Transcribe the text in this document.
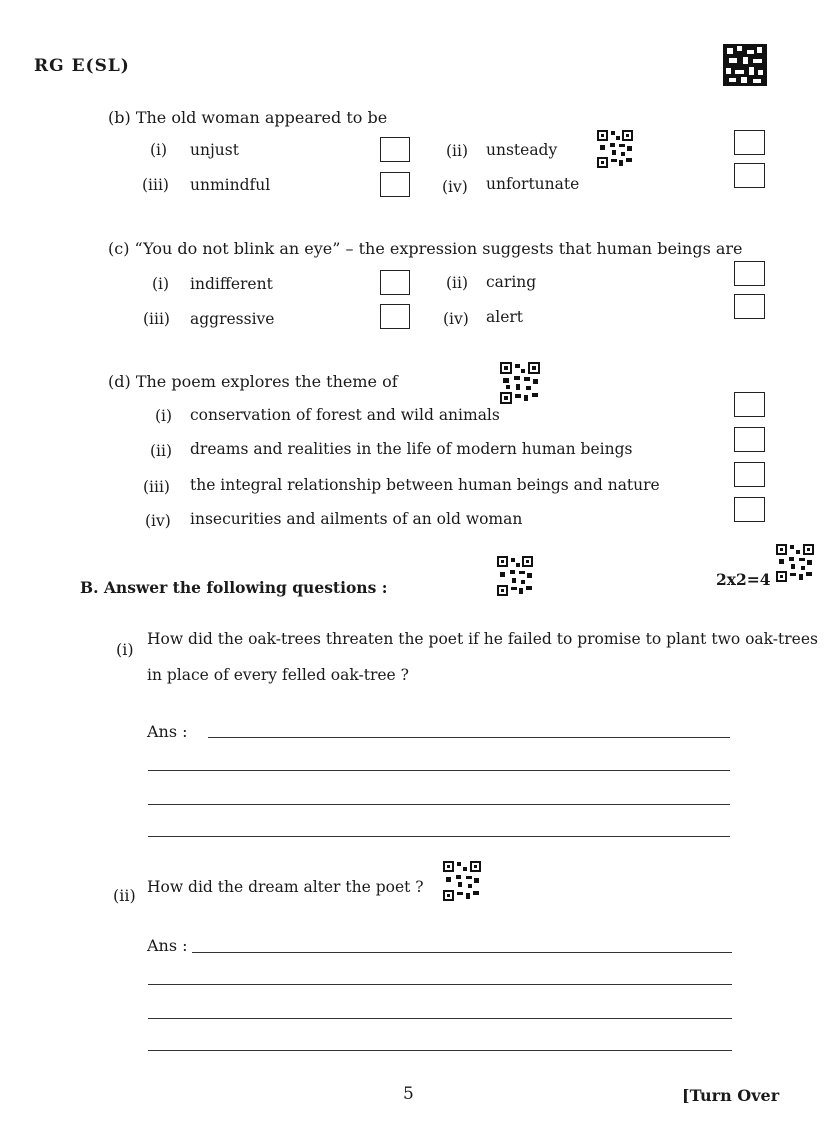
RG E(SL)
(b) The old woman appeared to be
(i) unjust	(ii) unsteady
(iii) unmindful	(iv) unfortunate
(c) “You do not blink an eye” – the expression suggests that human beings are
(i) indifferent	(ii) caring
(iii) aggressive	(iv) alert
(d) The poem explores the theme of
(i) conservation of forest and wild animals
(ii) dreams and realities in the life of modern human beings
(iii) the integral relationship between human beings and nature
(iv) insecurities and ailments of an old woman
B. Answer the following questions :	2x2=4
(i)
How did the oak-trees threaten the poet if he failed to promise to plant two oak-trees
in place of every felled oak-tree ?
Ans :
(ii) How did the dream alter the poet ?
Ans :
5	[Turn Over
